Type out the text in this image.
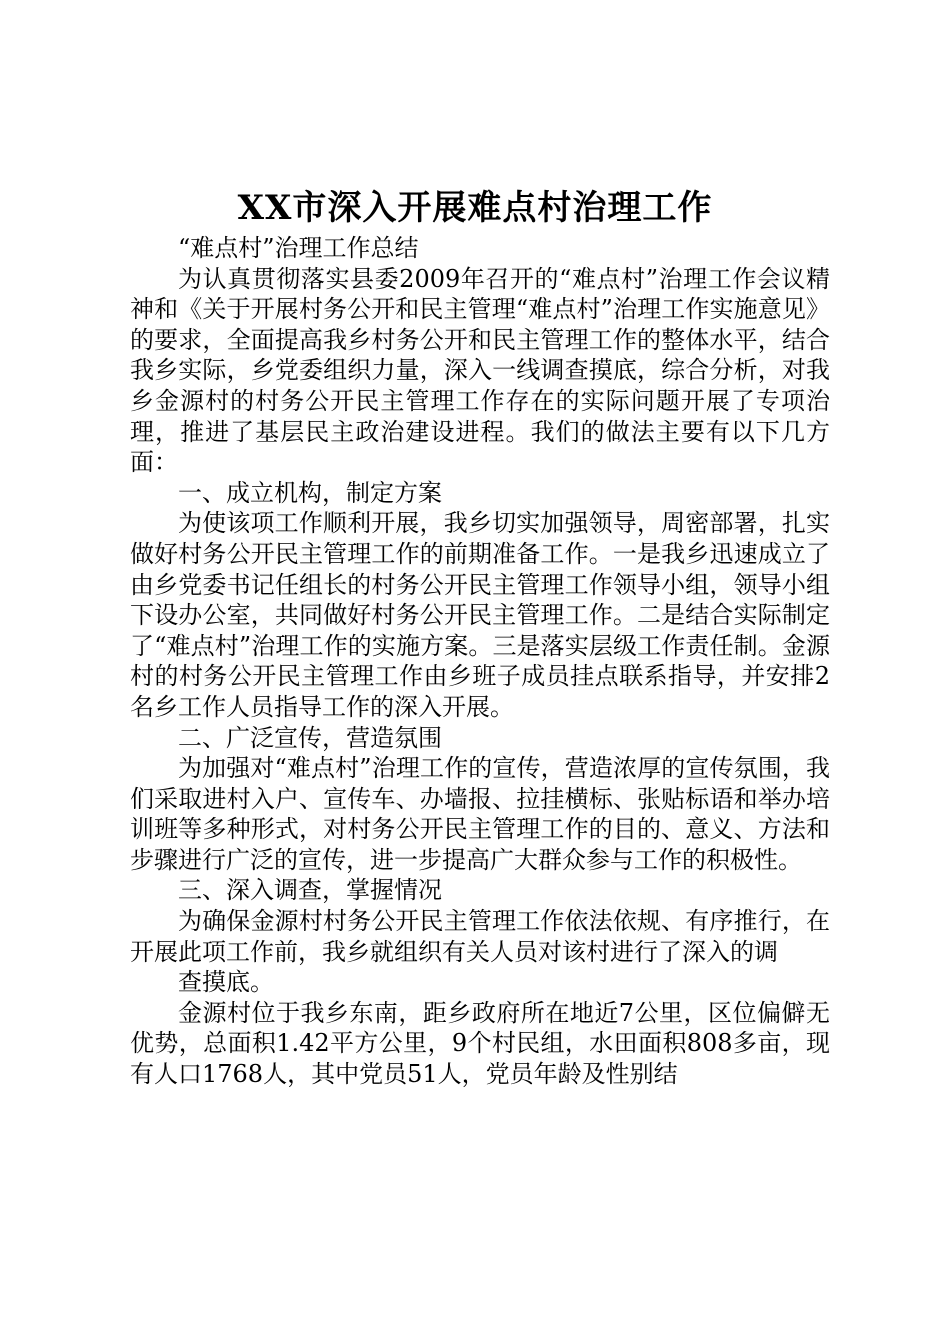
XX市深入开展难点村治理工作

“难点村”治理工作总结

为认真贯彻落实县委2009年召开的“难点村”治理工作会议精神和《关于开展村务公开和民主管理“难点村”治理工作实施意见》的要求，全面提高我乡村务公开和民主管理工作的整体水平，结合我乡实际，乡党委组织力量，深入一线调查摸底，综合分析，对我乡金源村的村务公开民主管理工作存在的实际问题开展了专项治理，推进了基层民主政治建设进程。我们的做法主要有以下几方面：

一、成立机构，制定方案

为使该项工作顺利开展，我乡切实加强领导，周密部署，扎实做好村务公开民主管理工作的前期准备工作。一是我乡迅速成立了由乡党委书记任组长的村务公开民主管理工作领导小组，领导小组下设办公室，共同做好村务公开民主管理工作。二是结合实际制定了“难点村”治理工作的实施方案。三是落实层级工作责任制。金源村的村务公开民主管理工作由乡班子成员挂点联系指导，并安排2名乡工作人员指导工作的深入开展。

二、广泛宣传，营造氛围

为加强对“难点村”治理工作的宣传，营造浓厚的宣传氛围，我们采取进村入户、宣传车、办墙报、拉挂横标、张贴标语和举办培训班等多种形式，对村务公开民主管理工作的目的、意义、方法和步骤进行广泛的宣传，进一步提高广大群众参与工作的积极性。

三、深入调查，掌握情况

为确保金源村村务公开民主管理工作依法依规、有序推行，在开展此项工作前，我乡就组织有关人员对该村进行了深入的调

查摸底。

金源村位于我乡东南，距乡政府所在地近7公里，区位偏僻无优势，总面积1.42平方公里，9个村民组，水田面积808多亩，现有人口1768人，其中党员51人，党员年龄及性别结
